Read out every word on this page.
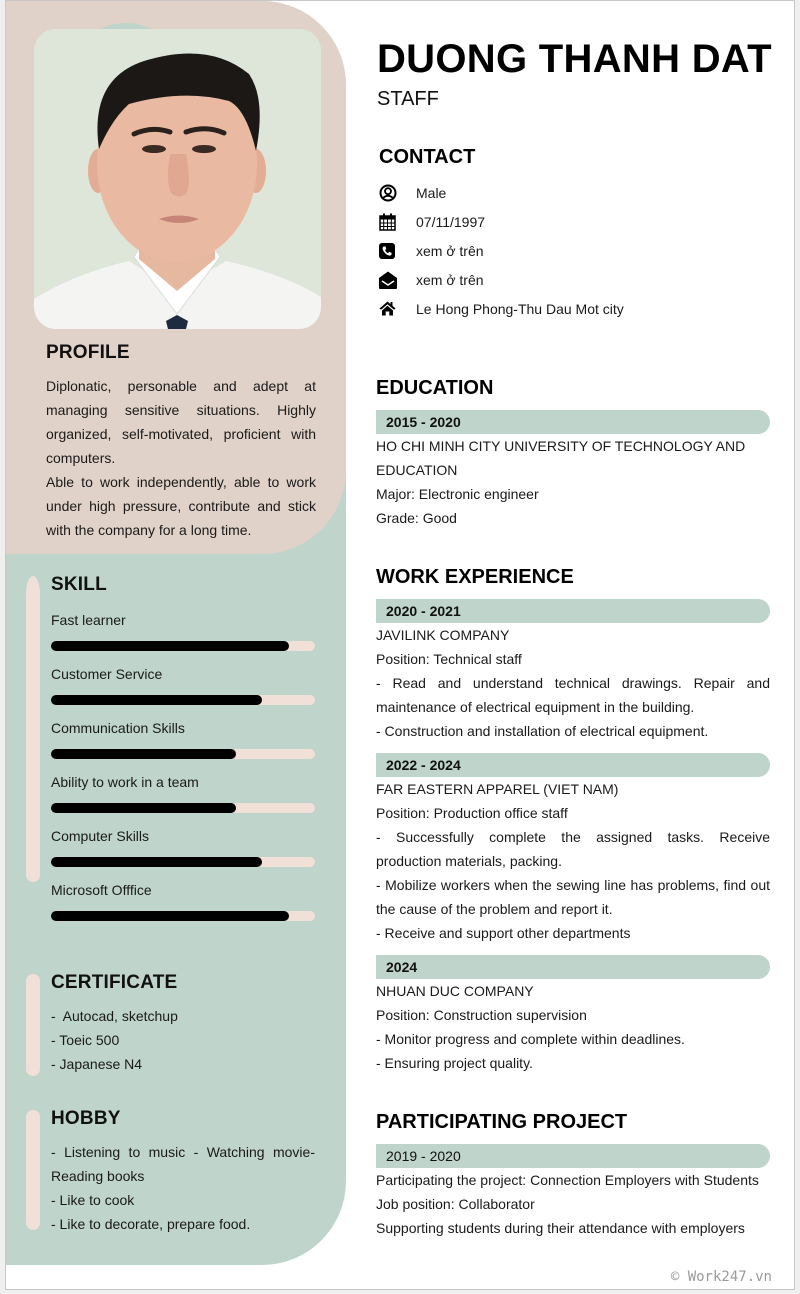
PROFILE

Diplonatic, personable and adept at managing sensitive situations. Highly organized, self-motivated, proficient with computers.

Able to work independently, able to work under high pressure, contribute and stick with the company for a long time.

SKILL
Fast learner
Customer Service
Communication Skills
Ability to work in a team
Computer Skills
Microsoft Offfice
CERTIFICATE

-  Autocad, sketchup

- Toeic 500

- Japanese N4

HOBBY

- Listening to music - Watching movie- Reading books

- Like to cook

- Like to decorate, prepare food.

DUONG THANH DAT
STAFF
CONTACT
Male
07/11/1997
xem ở trên
xem ở trên
Le Hong Phong-Thu Dau Mot city
EDUCATION
2015 - 2020

HO CHI MINH CITY UNIVERSITY OF TECHNOLOGY AND EDUCATION

Major: Electronic engineer

Grade: Good

WORK EXPERIENCE
2020 - 2021

JAVILINK COMPANY

Position: Technical staff

- Read and understand technical drawings. Repair and maintenance of electrical equipment in the building.

- Construction and installation of electrical equipment.

2022 - 2024

FAR EASTERN APPAREL (VIET NAM)

Position: Production office staff

- Successfully complete the assigned tasks. Receive production materials, packing.

- Mobilize workers when the sewing line has problems, find out the cause of the problem and report it.

- Receive and support other departments

2024

NHUAN DUC COMPANY

Position: Construction supervision

- Monitor progress and complete within deadlines.

- Ensuring project quality.

PARTICIPATING PROJECT
2019 - 2020

Participating the project: Connection Employers with Students

Job position: Collaborator

Supporting students during their attendance with employers

© Work247.vn
